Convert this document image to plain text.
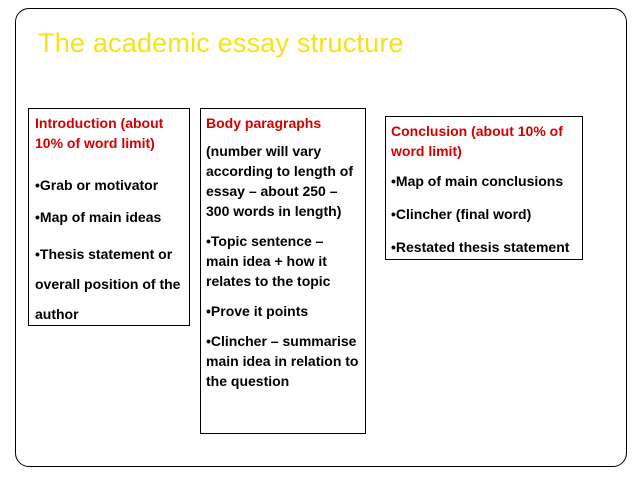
The academic essay structure

Introduction (about 10% of word limit)

•Grab or motivator

•Map of main ideas

•Thesis statement or overall position of the author

Body paragraphs

(number will vary according to length of essay – about 250 – 300 words in length)

•Topic sentence – main idea + how it relates to the topic

•Prove it points

•Clincher – summarise main idea in relation to the question

Conclusion (about 10% of word limit)

•Map of main conclusions

•Clincher (final word)

•Restated thesis statement
